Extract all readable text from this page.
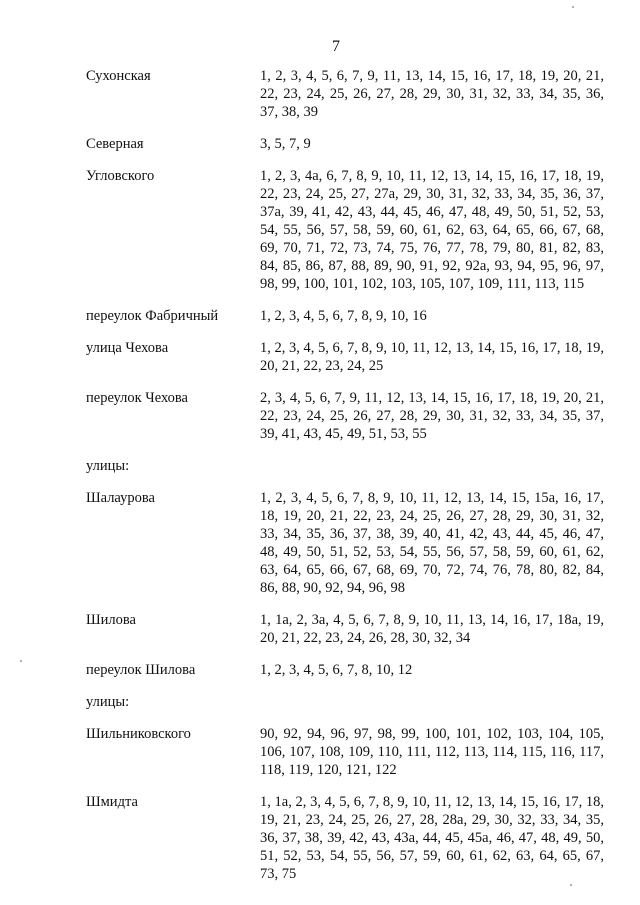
7
Сухонская	1, 2, 3, 4, 5, 6, 7, 9, 11, 13, 14, 15, 16, 17, 18, 19, 20, 21, 22, 23, 24, 25, 26, 27, 28, 29, 30, 31, 32, 33, 34, 35, 36, 37, 38, 39
Северная	3, 5, 7, 9
Угловского	1, 2, 3, 4а, 6, 7, 8, 9, 10, 11, 12, 13, 14, 15, 16, 17, 18, 19, 22, 23, 24, 25, 27, 27а, 29, 30, 31, 32, 33, 34, 35, 36, 37, 37а, 39, 41, 42, 43, 44, 45, 46, 47, 48, 49, 50, 51, 52, 53, 54, 55, 56, 57, 58, 59, 60, 61, 62, 63, 64, 65, 66, 67, 68, 69, 70, 71, 72, 73, 74, 75, 76, 77, 78, 79, 80, 81, 82, 83, 84, 85, 86, 87, 88, 89, 90, 91, 92, 92а, 93, 94, 95, 96, 97, 98, 99, 100, 101, 102, 103, 105, 107, 109, 111, 113, 115
переулок Фабричный	1, 2, 3, 4, 5, 6, 7, 8, 9, 10, 16
улица Чехова	1, 2, 3, 4, 5, 6, 7, 8, 9, 10, 11, 12, 13, 14, 15, 16, 17, 18, 19, 20, 21, 22, 23, 24, 25
переулок Чехова	2, 3, 4, 5, 6, 7, 9, 11, 12, 13, 14, 15, 16, 17, 18, 19, 20, 21, 22, 23, 24, 25, 26, 27, 28, 29, 30, 31, 32, 33, 34, 35, 37, 39, 41, 43, 45, 49, 51, 53, 55
улицы:
Шалаурова	1, 2, 3, 4, 5, 6, 7, 8, 9, 10, 11, 12, 13, 14, 15, 15а, 16, 17, 18, 19, 20, 21, 22, 23, 24, 25, 26, 27, 28, 29, 30, 31, 32, 33, 34, 35, 36, 37, 38, 39, 40, 41, 42, 43, 44, 45, 46, 47, 48, 49, 50, 51, 52, 53, 54, 55, 56, 57, 58, 59, 60, 61, 62, 63, 64, 65, 66, 67, 68, 69, 70, 72, 74, 76, 78, 80, 82, 84, 86, 88, 90, 92, 94, 96, 98
Шилова	1, 1а, 2, 3а, 4, 5, 6, 7, 8, 9, 10, 11, 13, 14, 16, 17, 18а, 19, 20, 21, 22, 23, 24, 26, 28, 30, 32, 34
переулок Шилова	1, 2, 3, 4, 5, 6, 7, 8, 10, 12
улицы:
Шильниковского	90, 92, 94, 96, 97, 98, 99, 100, 101, 102, 103, 104, 105, 106, 107, 108, 109, 110, 111, 112, 113, 114, 115, 116, 117, 118, 119, 120, 121, 122
Шмидта	1, 1а, 2, 3, 4, 5, 6, 7, 8, 9, 10, 11, 12, 13, 14, 15, 16, 17, 18, 19, 21, 23, 24, 25, 26, 27, 28, 28а, 29, 30, 32, 33, 34, 35, 36, 37, 38, 39, 42, 43, 43а, 44, 45, 45а, 46, 47, 48, 49, 50, 51, 52, 53, 54, 55, 56, 57, 59, 60, 61, 62, 63, 64, 65, 67, 73, 75
